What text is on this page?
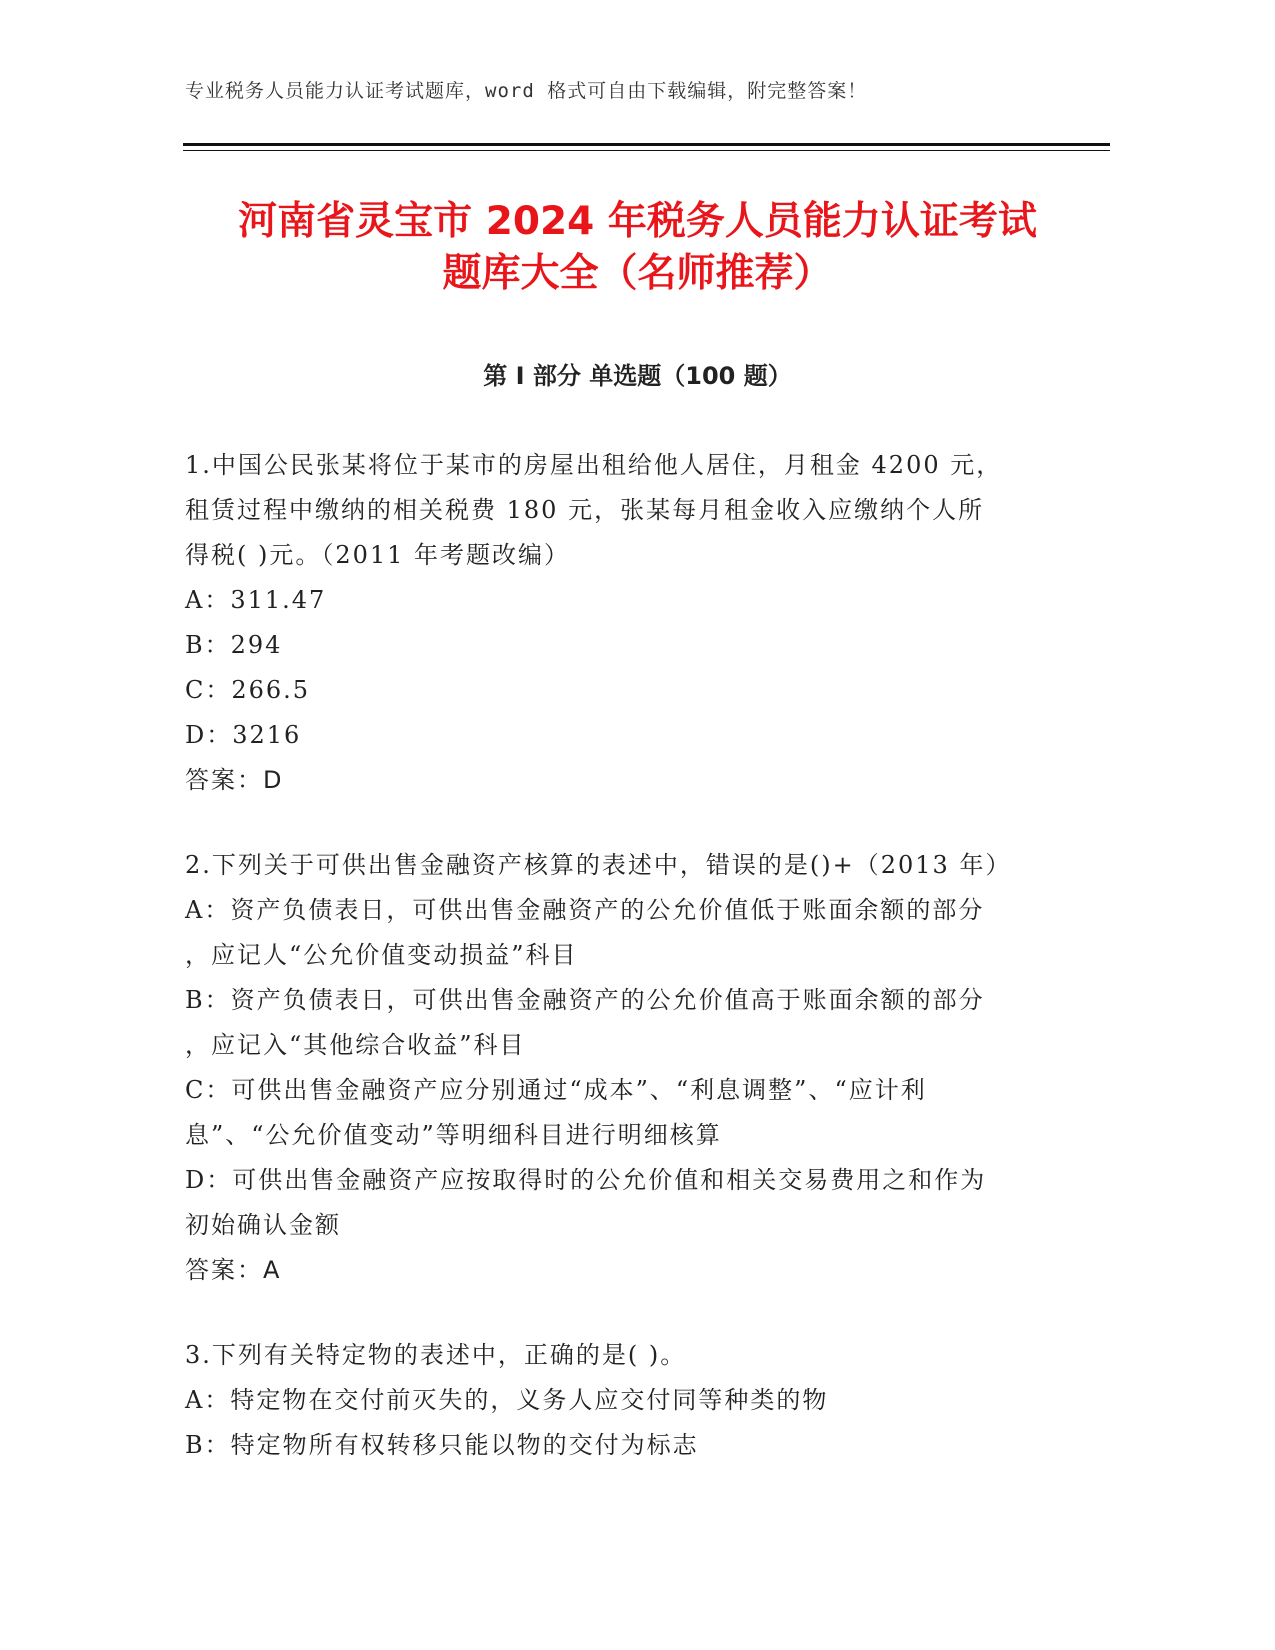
专业税务人员能力认证考试题库，word 格式可自由下载编辑，附完整答案！
河南省灵宝市 2024 年税务人员能力认证考试
题库大全（名师推荐）
第 I 部分 单选题（100 题）
1.中国公民张某将位于某市的房屋出租给他人居住，月租金 4200 元，
租赁过程中缴纳的相关税费 180 元，张某每月租金收入应缴纳个人所
得税( )元。（2011 年考题改编）
A：311.47
B：294
C：266.5
D：3216
答案：D
2.下列关于可供出售金融资产核算的表述中，错误的是()+（2013 年）
A：资产负债表日，可供出售金融资产的公允价值低于账面余额的部分
，应记人“公允价值变动损益”科目
B：资产负债表日，可供出售金融资产的公允价值高于账面余额的部分
，应记入“其他综合收益”科目
C：可供出售金融资产应分别通过“成本”、“利息调整”、“应计利
息”、“公允价值变动”等明细科目进行明细核算
D：可供出售金融资产应按取得时的公允价值和相关交易费用之和作为
初始确认金额
答案：A
3.下列有关特定物的表述中，正确的是( )。
A：特定物在交付前灭失的，义务人应交付同等种类的物
B：特定物所有权转移只能以物的交付为标志
